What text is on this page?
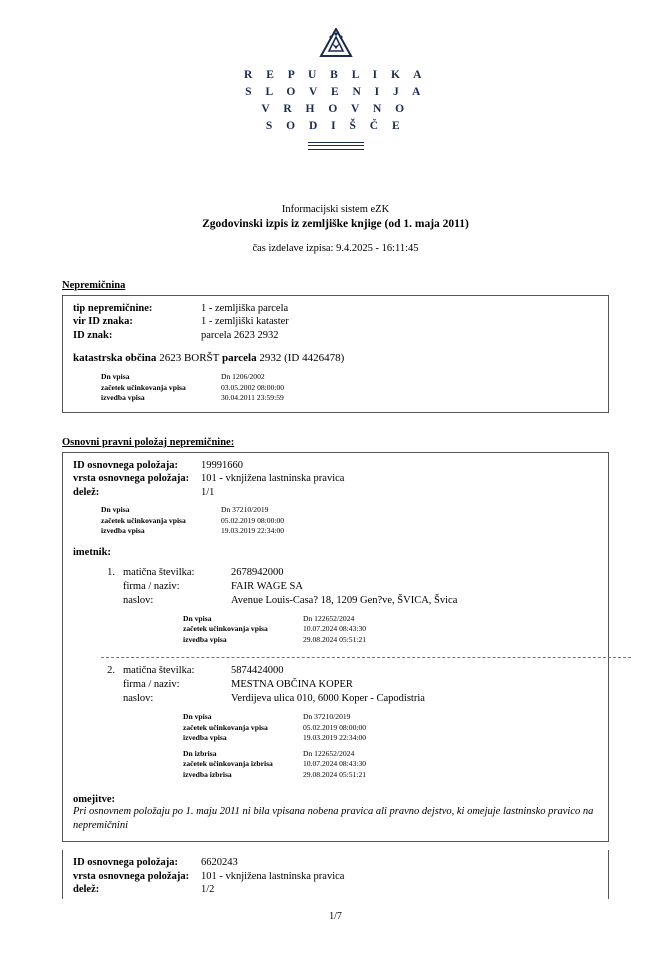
R E P U B L I K A
S L O V E N I J A
V R H O V N O
S O D I Š Č E
Informacijski sistem eZK
Zgodovinski izpis iz zemljiške knjige (od 1. maja 2011)
čas izdelave izpisa: 9.4.2025 - 16:11:45
Nepremičnina
tip nepremičnine:	1 - zemljiška parcela
vir ID znaka:	1 - zemljiški kataster
ID znak:	parcela 2623 2932
katastrska občina 2623 BORŠT parcela 2932 (ID 4426478)
Dn vpisa	Dn 1206/2002
začetek učinkovanja vpisa	03.05.2002 08:00:00
izvedba vpisa	30.04.2011 23:59:59
Osnovni pravni položaj nepremičnine:
ID osnovnega položaja:	19991660
vrsta osnovnega položaja:	101 - vknjižena lastninska pravica
delež:	1/1
Dn vpisa	Dn 37210/2019
začetek učinkovanja vpisa	05.02.2019 08:00:00
izvedba vpisa	19.03.2019 22:34:00
imetnik:
1. matična številka:	2678942000
firma / naziv:	FAIR WAGE SA
naslov:	Avenue Louis-Casa? 18, 1209 Gen?ve, ŠVICA, Švica
Dn vpisa	Dn 122652/2024
začetek učinkovanja vpisa	10.07.2024 08:43:30
izvedba vpisa	29.08.2024 05:51:21
2. matična številka:	5874424000
firma / naziv:	MESTNA OBČINA KOPER
naslov:	Verdijeva ulica 010, 6000 Koper - Capodistria
Dn vpisa	Dn 37210/2019
začetek učinkovanja vpisa	05.02.2019 08:00:00
izvedba vpisa	19.03.2019 22:34:00
Dn izbrisa	Dn 122652/2024
začetek učinkovanja izbrisa	10.07.2024 08:43:30
izvedba izbrisa	29.08.2024 05:51:21
omejitve:
Pri osnovnem položaju po 1. maju 2011 ni bila vpisana nobena pravica ali pravno dejstvo, ki omejuje lastninsko pravico na nepremičnini
ID osnovnega položaja:	6620243
vrsta osnovnega položaja:	101 - vknjižena lastninska pravica
delež:	1/2
1/7
